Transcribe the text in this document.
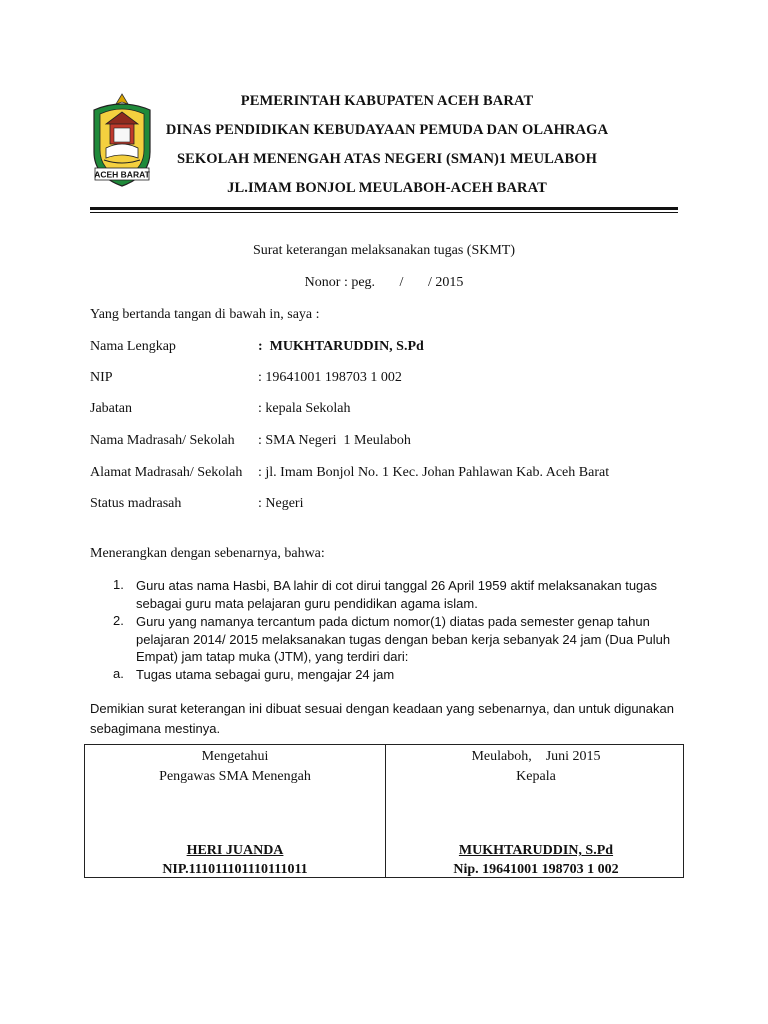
ACEH BARAT
PEMERINTAH KABUPATEN ACEH BARAT
DINAS PENDIDIKAN KEBUDAYAAN PEMUDA DAN OLAHRAGA
SEKOLAH MENENGAH ATAS NEGERI (SMAN)1 MEULABOH
JL.IMAM BONJOL MEULABOH-ACEH BARAT
Surat keterangan melaksanakan tugas (SKMT)
Nonor : peg.       /       / 2015
Yang bertanda tangan di bawah in, saya :
Nama Lengkap	:  MUKHTARUDDIN, S.Pd
NIP	: 19641001 198703 1 002
Jabatan	: kepala Sekolah
Nama Madrasah/ Sekolah : SMA Negeri  1 Meulaboh
Alamat Madrasah/ Sekolah : jl. Imam Bonjol No. 1 Kec. Johan Pahlawan Kab. Aceh Barat
Status madrasah	: Negeri
Menerangkan dengan sebenarnya, bahwa:
1. Guru atas nama Hasbi, BA lahir di cot dirui tanggal 26 April 1959 aktif melaksanakan tugas sebagai guru mata pelajaran guru pendidikan agama islam.
2. Guru yang namanya tercantum pada dictum nomor(1) diatas pada semester genap tahun pelajaran 2014/ 2015 melaksanakan tugas dengan beban kerja sebanyak 24 jam (Dua Puluh Empat) jam tatap muka (JTM), yang terdiri dari:
a. Tugas utama sebagai guru, mengajar 24 jam
Demikian surat keterangan ini dibuat sesuai dengan keadaan yang sebenarnya, dan untuk digunakan sebagimana mestinya.
Mengetahui
Pengawas SMA Menengah
HERI JUANDA
NIP.111011101110111011
Meulaboh,    Juni 2015
Kepala
MUKHTARUDDIN, S.Pd
Nip. 19641001 198703 1 002
